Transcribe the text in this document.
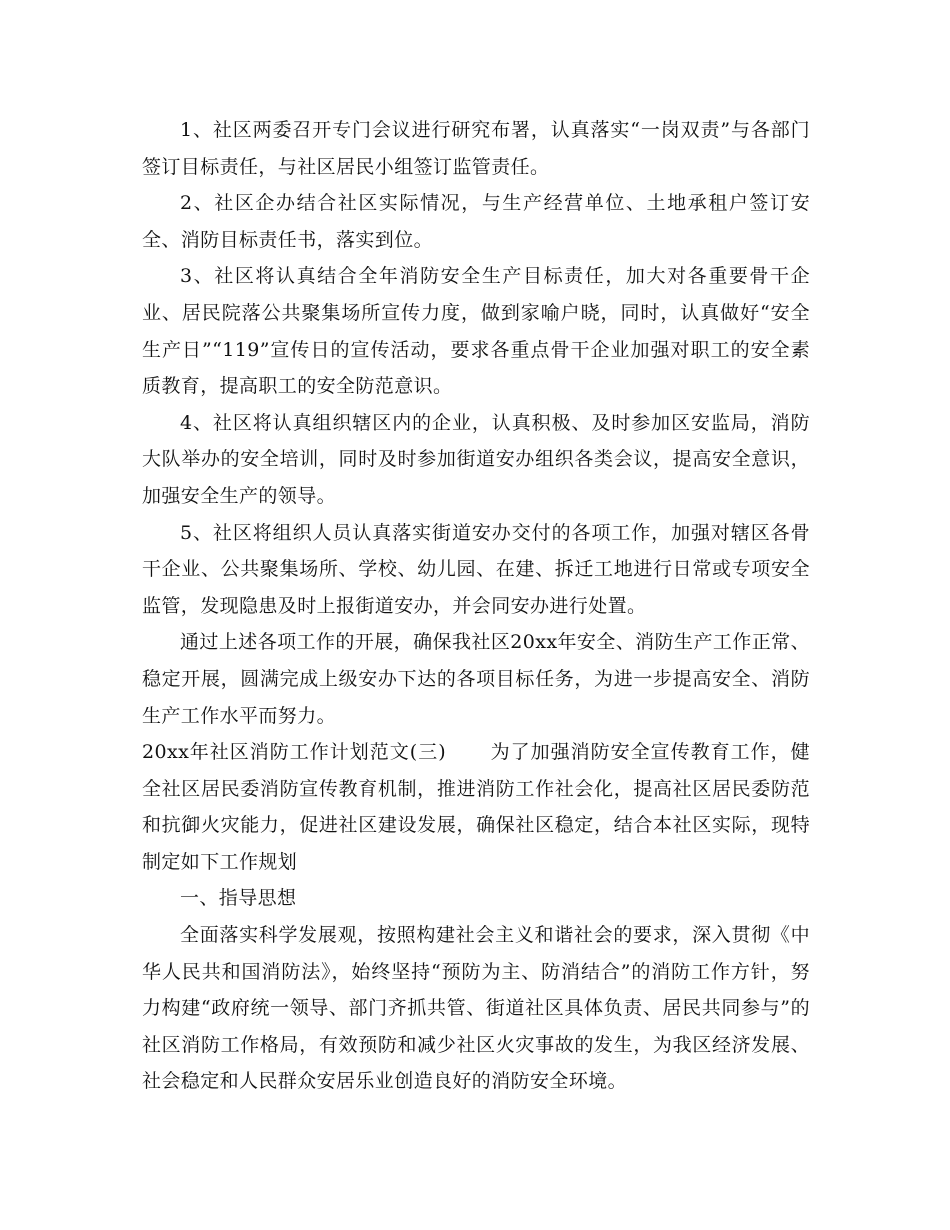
1、社区两委召开专门会议进行研究布署，认真落实“一岗双责”与各部门签订目标责任，与社区居民小组签订监管责任。

2、社区企办结合社区实际情况，与生产经营单位、土地承租户签订安全、消防目标责任书，落实到位。

3、社区将认真结合全年消防安全生产目标责任，加大对各重要骨干企业、居民院落公共聚集场所宣传力度，做到家喻户晓，同时，认真做好“安全生产日”“119”宣传日的宣传活动，要求各重点骨干企业加强对职工的安全素质教育，提高职工的安全防范意识。

4、社区将认真组织辖区内的企业，认真积极、及时参加区安监局，消防大队举办的安全培训，同时及时参加街道安办组织各类会议，提高安全意识，加强安全生产的领导。

5、社区将组织人员认真落实街道安办交付的各项工作，加强对辖区各骨干企业、公共聚集场所、学校、幼儿园、在建、拆迁工地进行日常或专项安全监管，发现隐患及时上报街道安办，并会同安办进行处置。

通过上述各项工作的开展，确保我社区20xx年安全、消防生产工作正常、稳定开展，圆满完成上级安办下达的各项目标任务，为进一步提高安全、消防生产工作水平而努力。

20xx年社区消防工作计划范文(三) 为了加强消防安全宣传教育工作，健全社区居民委消防宣传教育机制，推进消防工作社会化，提高社区居民委防范和抗御火灾能力，促进社区建设发展，确保社区稳定，结合本社区实际，现特制定如下工作规划

一、指导思想

全面落实科学发展观，按照构建社会主义和谐社会的要求，深入贯彻《中华人民共和国消防法》，始终坚持“预防为主、防消结合”的消防工作方针，努力构建“政府统一领导、部门齐抓共管、街道社区具体负责、居民共同参与”的社区消防工作格局，有效预防和减少社区火灾事故的发生，为我区经济发展、社会稳定和人民群众安居乐业创造良好的消防安全环境。
